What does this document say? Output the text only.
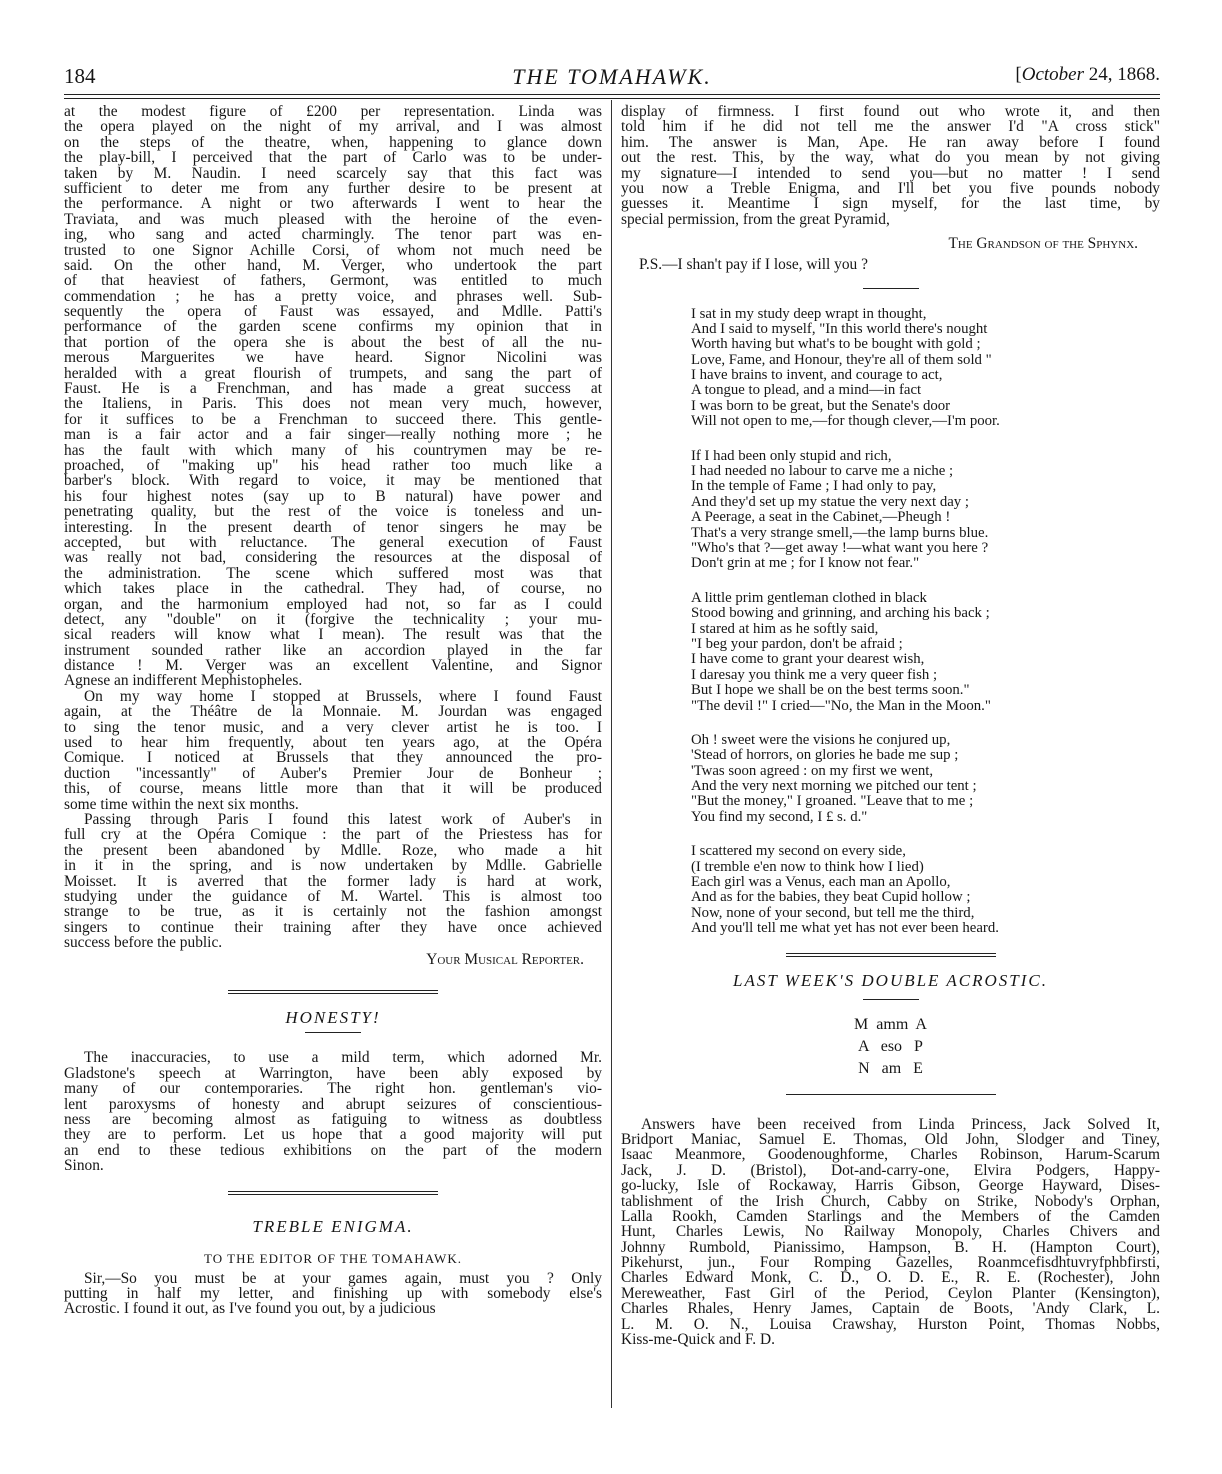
184	THE TOMAHAWK.	[October 24, 1868.
at the modest figure of £200 per representation. Linda was
the opera played on the night of my arrival, and I was almost
on the steps of the theatre, when, happening to glance down
the play-bill, I perceived that the part of Carlo was to be under-
taken by M. Naudin. I need scarcely say that this fact was
sufficient to deter me from any further desire to be present at
the performance. A night or two afterwards I went to hear the
Traviata, and was much pleased with the heroine of the even-
ing, who sang and acted charmingly. The tenor part was en-
trusted to one Signor Achille Corsi, of whom not much need be
said. On the other hand, M. Verger, who undertook the part
of that heaviest of fathers, Germont, was entitled to much
commendation ; he has a pretty voice, and phrases well. Sub-
sequently the opera of Faust was essayed, and Mdlle. Patti's
performance of the garden scene confirms my opinion that in
that portion of the opera she is about the best of all the nu-
merous Marguerites we have heard. Signor Nicolini was
heralded with a great flourish of trumpets, and sang the part of
Faust. He is a Frenchman, and has made a great success at
the Italiens, in Paris. This does not mean very much, however,
for it suffices to be a Frenchman to succeed there. This gentle-
man is a fair actor and a fair singer—really nothing more ; he
has the fault with which many of his countrymen may be re-
proached, of "making up" his head rather too much like a
barber's block. With regard to voice, it may be mentioned that
his four highest notes (say up to B natural) have power and
penetrating quality, but the rest of the voice is toneless and un-
interesting. In the present dearth of tenor singers he may be
accepted, but with reluctance. The general execution of Faust
was really not bad, considering the resources at the disposal of
the administration. The scene which suffered most was that
which takes place in the cathedral. They had, of course, no
organ, and the harmonium employed had not, so far as I could
detect, any "double" on it (forgive the technicality ; your mu-
sical readers will know what I mean). The result was that the
instrument sounded rather like an accordion played in the far
distance ! M. Verger was an excellent Valentine, and Signor
Agnese an indifferent Mephistopheles.
On my way home I stopped at Brussels, where I found Faust
again, at the Théâtre de la Monnaie. M. Jourdan was engaged
to sing the tenor music, and a very clever artist he is too. I
used to hear him frequently, about ten years ago, at the Opéra
Comique. I noticed at Brussels that they announced the pro-
duction "incessantly" of Auber's Premier Jour de Bonheur ;
this, of course, means little more than that it will be produced
some time within the next six months.
Passing through Paris I found this latest work of Auber's in
full cry at the Opéra Comique : the part of the Priestess has for
the present been abandoned by Mdlle. Roze, who made a hit
in it in the spring, and is now undertaken by Mdlle. Gabrielle
Moisset. It is averred that the former lady is hard at work,
studying under the guidance of M. Wartel. This is almost too
strange to be true, as it is certainly not the fashion amongst
singers to continue their training after they have once achieved
success before the public.
Your Musical Reporter.
HONESTY!
The inaccuracies, to use a mild term, which adorned Mr.
Gladstone's speech at Warrington, have been ably exposed by
many of our contemporaries. The right hon. gentleman's vio-
lent paroxysms of honesty and abrupt seizures of conscientious-
ness are becoming almost as fatiguing to witness as doubtless
they are to perform. Let us hope that a good majority will put
an end to these tedious exhibitions on the part of the modern
Sinon.
TREBLE ENIGMA.
TO THE EDITOR OF THE TOMAHAWK.
Sir,—So you must be at your games again, must you ? Only
putting in half my letter, and finishing up with somebody else's
Acrostic. I found it out, as I've found you out, by a judicious
display of firmness. I first found out who wrote it, and then
told him if he did not tell me the answer I'd "A cross stick"
him. The answer is Man, Ape. He ran away before I found
out the rest. This, by the way, what do you mean by not giving
my signature—I intended to send you—but no matter ! I send
you now a Treble Enigma, and I'll bet you five pounds nobody
guesses it. Meantime I sign myself, for the last time, by
special permission, from the great Pyramid,
The Grandson of the Sphynx.
P.S.—I shan't pay if I lose, will you ?
I sat in my study deep wrapt in thought,
And I said to myself, "In this world there's nought
Worth having but what's to be bought with gold ;
Love, Fame, and Honour, they're all of them sold "
I have brains to invent, and courage to act,
A tongue to plead, and a mind—in fact
I was born to be great, but the Senate's door
Will not open to me,—for though clever,—I'm poor.
If I had been only stupid and rich,
I had needed no labour to carve me a niche ;
In the temple of Fame ; I had only to pay,
And they'd set up my statue the very next day ;
A Peerage, a seat in the Cabinet,—Pheugh !
That's a very strange smell,—the lamp burns blue.
"Who's that ?—get away !—what want you here ?
Don't grin at me ; for I know not fear."
A little prim gentleman clothed in black
Stood bowing and grinning, and arching his back ;
I stared at him as he softly said,
"I beg your pardon, don't be afraid ;
I have come to grant your dearest wish,
I daresay you think me a very queer fish ;
But I hope we shall be on the best terms soon."
"The devil !" I cried—"No, the Man in the Moon."
Oh ! sweet were the visions he conjured up,
'Stead of horrors, on glories he bade me sup ;
'Twas soon agreed : on my first we went,
And the very next morning we pitched our tent ;
"But the money," I groaned. "Leave that to me ;
You find my second, I £ s. d."
I scattered my second on every side,
(I tremble e'en now to think how I lied)
Each girl was a Venus, each man an Apollo,
And as for the babies, they beat Cupid hollow ;
Now, none of your second, but tell me the third,
And you'll tell me what yet has not ever been heard.
LAST WEEK'S DOUBLE ACROSTIC.
M  amm  A
A   eso   P
N   am   E
Answers have been received from Linda Princess, Jack Solved It,
Bridport Maniac, Samuel E. Thomas, Old John, Slodger and Tiney,
Isaac Meanmore, Goodenoughforme, Charles Robinson, Harum-Scarum
Jack, J. D. (Bristol), Dot-and-carry-one, Elvira Podgers, Happy-
go-lucky, Isle of Rockaway, Harris Gibson, George Hayward, Dises-
tablishment of the Irish Church, Cabby on Strike, Nobody's Orphan,
Lalla Rookh, Camden Starlings and the Members of the Camden
Hunt, Charles Lewis, No Railway Monopoly, Charles Chivers and
Johnny Rumbold, Pianissimo, Hampson, B. H. (Hampton Court),
Pikehurst, jun., Four Romping Gazelles, Roanmcefisdhtuvryfphbfirsti,
Charles Edward Monk, C. D., O. D. E., R. E. (Rochester), John
Mereweather, Fast Girl of the Period, Ceylon Planter (Kensington),
Charles Rhales, Henry James, Captain de Boots, 'Andy Clark, L.
L. M. O. N., Louisa Crawshay, Hurston Point, Thomas Nobbs,
Kiss-me-Quick and F. D.
